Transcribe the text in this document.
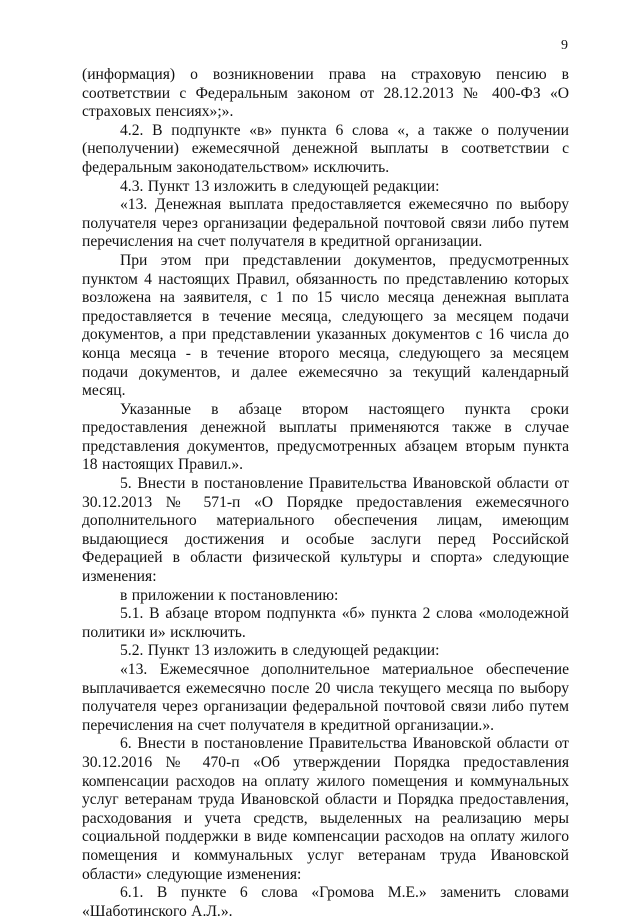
9

(информация) о возникновении права на страховую пенсию в соответствии с Федеральным законом от 28.12.2013 № 400-ФЗ «О страховых пенсиях»;».

4.2. В подпункте «в» пункта 6 слова «, а также о получении (неполучении) ежемесячной денежной выплаты в соответствии с федеральным законодательством» исключить.

4.3. Пункт 13 изложить в следующей редакции:

«13. Денежная выплата предоставляется ежемесячно по выбору получателя через организации федеральной почтовой связи либо путем перечисления на счет получателя в кредитной организации.

При этом при представлении документов, предусмотренных пунктом 4 настоящих Правил, обязанность по представлению которых возложена на заявителя, с 1 по 15 число месяца денежная выплата предоставляется в течение месяца, следующего за месяцем подачи документов, а при представлении указанных документов с 16 числа до конца месяца - в течение второго месяца, следующего за месяцем подачи документов, и далее ежемесячно за текущий календарный месяц.

Указанные в абзаце втором настоящего пункта сроки предоставления денежной выплаты применяются также в случае представления документов, предусмотренных абзацем вторым пункта 18 настоящих Правил.».

5. Внести в постановление Правительства Ивановской области от 30.12.2013 № 571-п «О Порядке предоставления ежемесячного дополнительного материального обеспечения лицам, имеющим выдающиеся достижения и особые заслуги перед Российской Федерацией в области физической культуры и спорта» следующие изменения:

в приложении к постановлению:

5.1. В абзаце втором подпункта «б» пункта 2 слова «молодежной политики и» исключить.

5.2. Пункт 13 изложить в следующей редакции:

«13. Ежемесячное дополнительное материальное обеспечение выплачивается ежемесячно после 20 числа текущего месяца по выбору получателя через организации федеральной почтовой связи либо путем перечисления на счет получателя в кредитной организации.».

6. Внести в постановление Правительства Ивановской области от 30.12.2016 № 470-п «Об утверждении Порядка предоставления компенсации расходов на оплату жилого помещения и коммунальных услуг ветеранам труда Ивановской области и Порядка предоставления, расходования и учета средств, выделенных на реализацию меры социальной поддержки в виде компенсации расходов на оплату жилого помещения и коммунальных услуг ветеранам труда Ивановской области» следующие изменения:

6.1. В пункте 6 слова «Громова М.Е.» заменить словами «Шаботинского А.Л.».
